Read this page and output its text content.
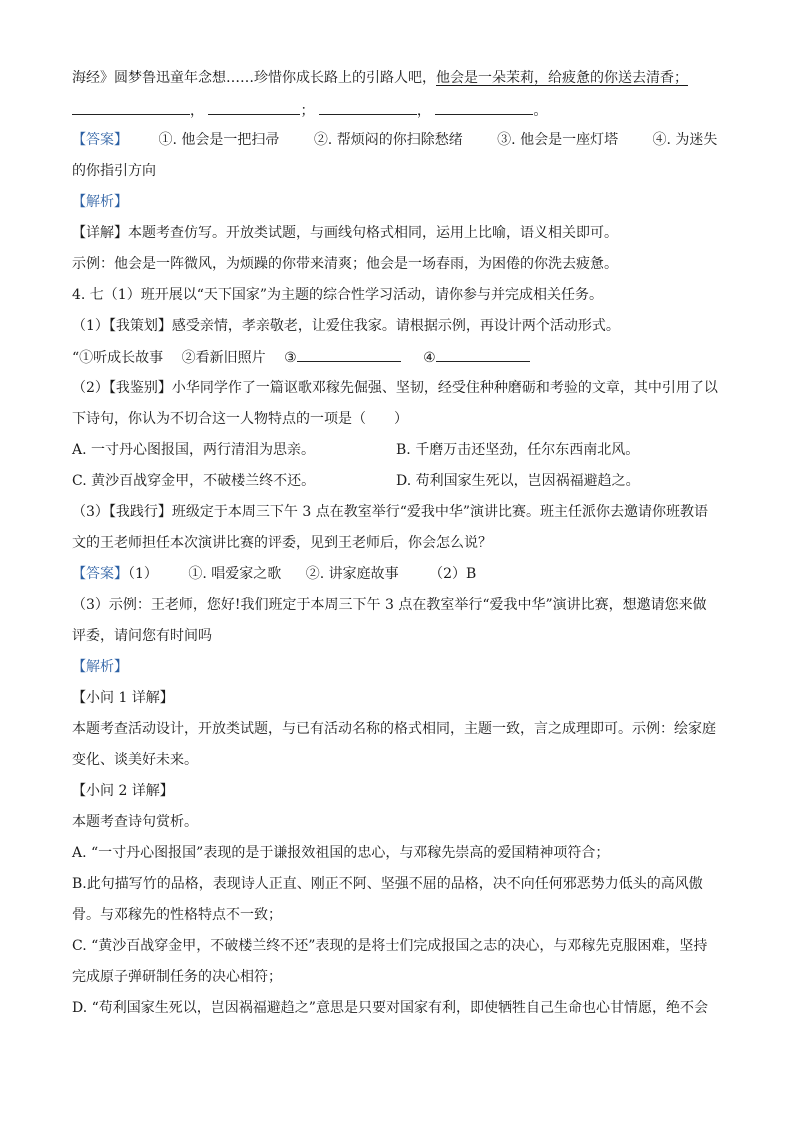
海经》圆梦鲁迅童年念想……珍惜你成长路上的引路人吧，他会是一朵茉莉，给疲惫的你送去清香；
，	；	，	。
【答案】 ①. 他会是一把扫帚 ②. 帮烦闷的你扫除愁绪 ③. 他会是一座灯塔 ④. 为迷失
的你指引方向
【解析】
【详解】本题考查仿写。开放类试题，与画线句格式相同，运用上比喻，语义相关即可。
示例：他会是一阵微风，为烦躁的你带来清爽；他会是一场春雨，为困倦的你洗去疲惫。
4. 七（1）班开展以“天下国家”为主题的综合性学习活动，请你参与并完成相关任务。
（1）【我策划】感受亲情，孝亲敬老，让爱住我家。请根据示例，再设计两个活动形式。
“①听成长故事 ②看新旧照片 ③	④
（2）【我鉴别】小华同学作了一篇讴歌邓稼先倔强、坚韧，经受住种种磨砺和考验的文章，其中引用了以
下诗句，你认为不切合这一人物特点的一项是（　　）
A. 一寸丹心图报国，两行清泪为思亲。	B. 千磨万击还坚劲，任尔东西南北风。
C. 黄沙百战穿金甲，不破楼兰终不还。	D. 苟利国家生死以，岂因祸福避趋之。
（3）【我践行】班级定于本周三下午 3 点在教室举行“爱我中华”演讲比赛。班主任派你去邀请你班教语
文的王老师担任本次演讲比赛的评委，见到王老师后，你会怎么说？
【答案】（1） ①. 唱爱家之歌 ②. 讲家庭故事 （2）B
（3）示例：王老师，您好!我们班定于本周三下午 3 点在教室举行“爱我中华”演讲比赛，想邀请您来做
评委，请问您有时间吗
【解析】
【小问 1 详解】
本题考查活动设计，开放类试题，与已有活动名称的格式相同，主题一致，言之成理即可。示例：绘家庭
变化、谈美好未来。
【小问 2 详解】
本题考查诗句赏析。
A. “一寸丹心图报国”表现的是于谦报效祖国的忠心，与邓稼先崇高的爱国精神项符合；
B.此句描写竹的品格，表现诗人正直、刚正不阿、坚强不屈的品格，决不向任何邪恶势力低头的高风傲
骨。与邓稼先的性格特点不一致；
C. “黄沙百战穿金甲，不破楼兰终不还”表现的是将士们完成报国之志的决心，与邓稼先克服困难，坚持
完成原子弹研制任务的决心相符；
D. “苟利国家生死以，岂因祸福避趋之”意思是只要对国家有利，即使牺牲自己生命也心甘情愿，绝不会
